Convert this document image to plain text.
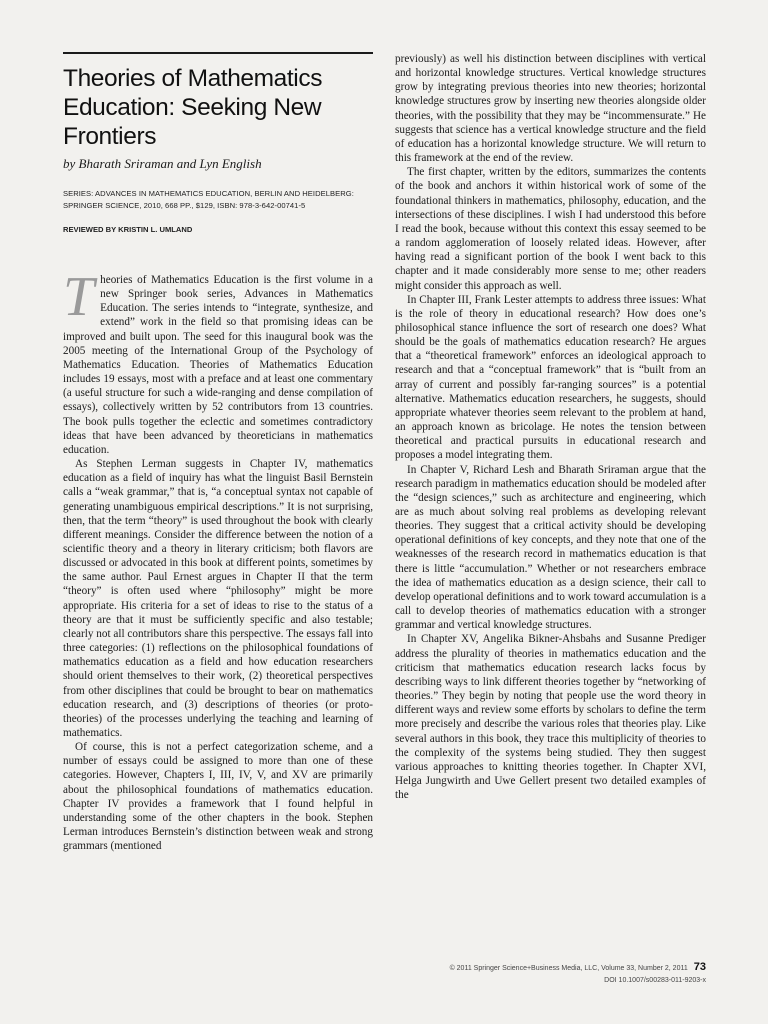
Theories of Mathematics Education: Seeking New Frontiers
by Bharath Sriraman and Lyn English
SERIES: ADVANCES IN MATHEMATICS EDUCATION, BERLIN AND HEIDELBERG: SPRINGER SCIENCE, 2010, 668 PP., $129, ISBN: 978-3-642-00741-5
REVIEWED BY KRISTIN L. UMLAND

Theories of Mathematics Education is the first volume in a new Springer book series, Advances in Mathematics Education. The series intends to “integrate, synthesize, and extend” work in the field so that promising ideas can be improved and built upon. The seed for this inaugural book was the 2005 meeting of the International Group of the Psychology of Mathematics Education. Theories of Mathematics Education includes 19 essays, most with a preface and at least one commentary (a useful structure for such a wide-ranging and dense compilation of essays), collectively written by 52 contributors from 13 countries. The book pulls together the eclectic and sometimes contradictory ideas that have been advanced by theoreticians in mathematics education.

As Stephen Lerman suggests in Chapter IV, mathematics education as a field of inquiry has what the linguist Basil Bernstein calls a “weak grammar,” that is, “a conceptual syntax not capable of generating unambiguous empirical descriptions.” It is not surprising, then, that the term “theory” is used throughout the book with clearly different meanings. Consider the difference between the notion of a scientific theory and a theory in literary criticism; both flavors are discussed or advocated in this book at different points, sometimes by the same author. Paul Ernest argues in Chapter II that the term “theory” is often used where “philosophy” might be more appropriate. His criteria for a set of ideas to rise to the status of a theory are that it must be sufficiently specific and also testable; clearly not all contributors share this perspective. The essays fall into three categories: (1) reflections on the philosophical foundations of mathematics education as a field and how education researchers should orient themselves to their work, (2) theoretical perspectives from other disciplines that could be brought to bear on mathematics education research, and (3) descriptions of theories (or proto-theories) of the processes underlying the teaching and learning of mathematics.

Of course, this is not a perfect categorization scheme, and a number of essays could be assigned to more than one of these categories. However, Chapters I, III, IV, V, and XV are primarily about the philosophical foundations of mathematics education. Chapter IV provides a framework that I found helpful in understanding some of the other chapters in the book. Stephen Lerman introduces Bernstein’s distinction between weak and strong grammars (mentioned

previously) as well his distinction between disciplines with vertical and horizontal knowledge structures. Vertical knowledge structures grow by integrating previous theories into new theories; horizontal knowledge structures grow by inserting new theories alongside older theories, with the possibility that they may be “incommensurate.” He suggests that science has a vertical knowledge structure and the field of education has a horizontal knowledge structure. We will return to this framework at the end of the review.

The first chapter, written by the editors, summarizes the contents of the book and anchors it within historical work of some of the foundational thinkers in mathematics, philosophy, education, and the intersections of these disciplines. I wish I had understood this before I read the book, because without this context this essay seemed to be a random agglomeration of loosely related ideas. However, after having read a significant portion of the book I went back to this chapter and it made considerably more sense to me; other readers might consider this approach as well.

In Chapter III, Frank Lester attempts to address three issues: What is the role of theory in educational research? How does one’s philosophical stance influence the sort of research one does? What should be the goals of mathematics education research? He argues that a “theoretical framework” enforces an ideological approach to research and that a “conceptual framework” that is “built from an array of current and possibly far-ranging sources” is a potential alternative. Mathematics education researchers, he suggests, should appropriate whatever theories seem relevant to the problem at hand, an approach known as bricolage. He notes the tension between theoretical and practical pursuits in educational research and proposes a model integrating them.

In Chapter V, Richard Lesh and Bharath Sriraman argue that the research paradigm in mathematics education should be modeled after the “design sciences,” such as architecture and engineering, which are as much about solving real problems as developing relevant theories. They suggest that a critical activity should be developing operational definitions of key concepts, and they note that one of the weaknesses of the research record in mathematics education is that there is little “accumulation.” Whether or not researchers embrace the idea of mathematics education as a design science, their call to develop operational definitions and to work toward accumulation is a call to develop theories of mathematics education with a stronger grammar and vertical knowledge structures.

In Chapter XV, Angelika Bikner-Ahsbahs and Susanne Prediger address the plurality of theories in mathematics education and the criticism that mathematics education research lacks focus by describing ways to link different theories together by “networking of theories.” They begin by noting that people use the word theory in different ways and review some efforts by scholars to define the term more precisely and describe the various roles that theories play. Like several authors in this book, they trace this multiplicity of theories to the complexity of the systems being studied. They then suggest various approaches to knitting theories together. In Chapter XVI, Helga Jungwirth and Uwe Gellert present two detailed examples of the

© 2011 Springer Science+Business Media, LLC, Volume 33, Number 2, 2011 73
DOI 10.1007/s00283-011-9203-x
